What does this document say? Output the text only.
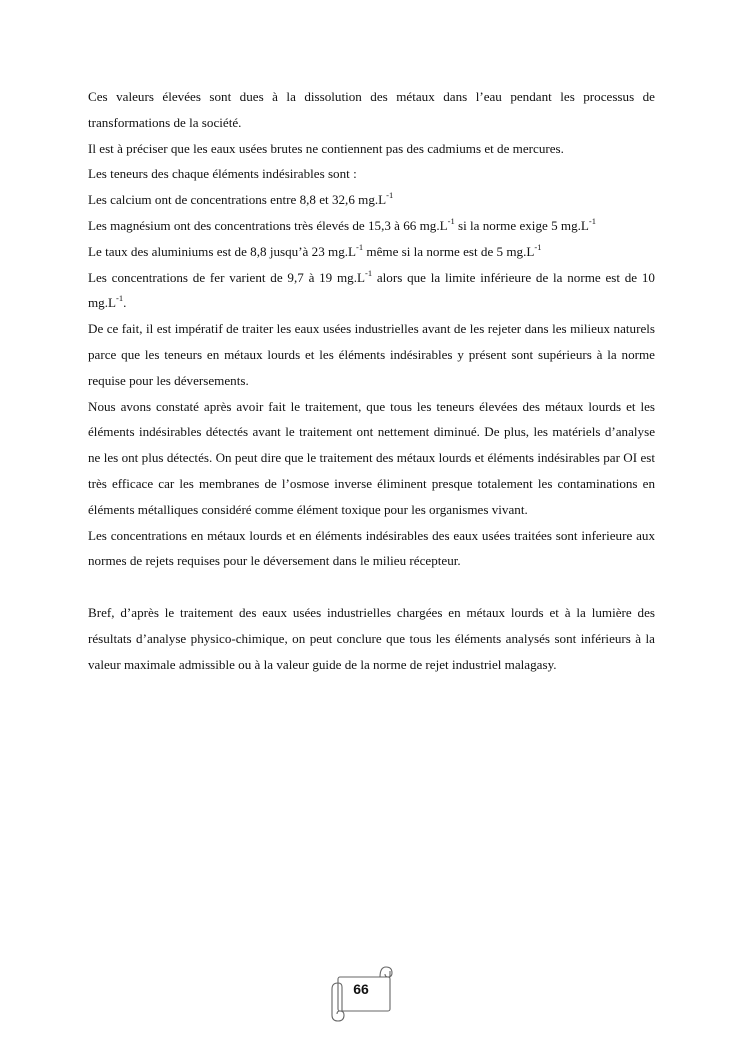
Ces valeurs élevées sont dues à la dissolution des métaux dans l’eau pendant les processus de transformations de la société.

Il est à préciser que les eaux usées brutes ne contiennent pas des cadmiums et de mercures.

Les teneurs des chaque éléments indésirables sont :

Les calcium ont de concentrations entre 8,8 et 32,6 $mg.L^{-1}$

Les magnésium ont des concentrations très élevés de 15,3 à 66 $mg.L^{-1}$ si la norme exige 5 $mg.L^{-1}$

Le taux des aluminiums est de 8,8 jusqu’à 23 $mg.L^{-1}$ même si la norme est de 5 $mg.L^{-1}$

Les concentrations de fer varient de 9,7 à 19 $mg.L^{-1}$ alors que la limite inférieure de la norme est de 10 $mg.L^{-1}$.

De ce fait, il est impératif de traiter les eaux usées industrielles avant de les rejeter dans les milieux naturels parce que les teneurs en métaux lourds et les éléments indésirables y présent sont supérieurs à la norme requise pour les déversements.

Nous avons constaté après avoir fait le traitement, que tous les teneurs élevées des métaux lourds et les éléments indésirables détectés avant le traitement ont nettement diminué. De plus, les matériels d’analyse ne les ont plus détectés. On peut dire que le traitement des métaux lourds et éléments indésirables par OI est très efficace car les membranes de l’osmose inverse éliminent presque totalement les contaminations en éléments métalliques considéré comme élément toxique pour les organismes vivant.

Les concentrations en métaux lourds et en éléments indésirables des eaux usées traitées sont inferieure aux normes de rejets requises pour le déversement dans le milieu récepteur.

Bref, d’après le traitement des eaux usées industrielles chargées en métaux lourds et à la lumière des résultats d’analyse physico-chimique, on peut conclure que tous les éléments analysés sont inférieurs à la valeur maximale admissible ou à la valeur guide de la norme de rejet industriel malagasy.

66
